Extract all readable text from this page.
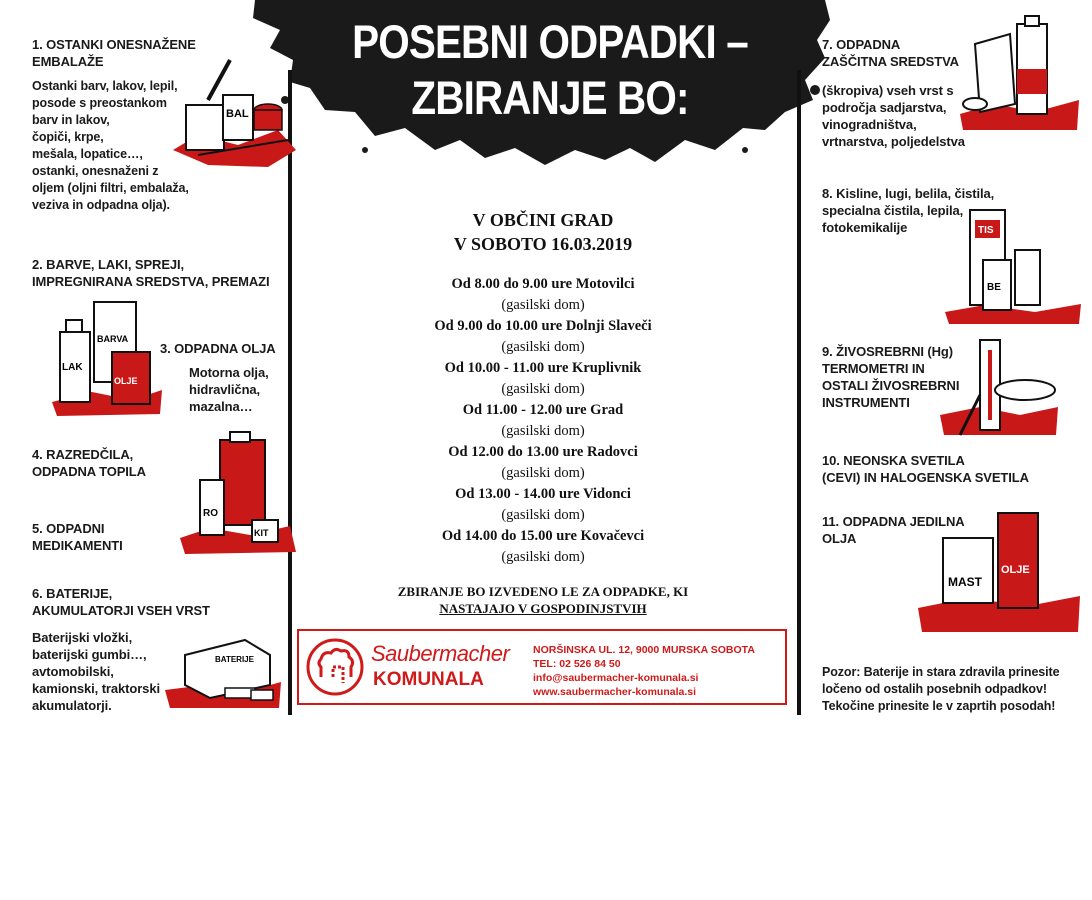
POSEBNI ODPADKI –
ZBIRANJE BO:
1. OSTANKI ONESNAŽENE
EMBALAŽE
Ostanki barv, lakov, lepil,
posode s preostankom
barv in lakov,
čopiči, krpe,
mešala, lopatice…,
ostanki, onesnaženi z
oljem (oljni filtri, embalaža,
veziva in odpadna olja).
BAL
2. BARVE, LAKI, SPREJI,
IMPREGNIRANA SREDSTVA, PREMAZI
LAK
BARVA
OLJE
3. ODPADNA OLJA
Motorna olja,
hidravlična,
mazalna…
4. RAZREDČILA,
ODPADNA TOPILA
RO
KIT
5. ODPADNI
MEDIKAMENTI
6. BATERIJE,
AKUMULATORJI VSEH VRST
Baterijski vložki,
baterijski gumbi…,
avtomobilski,
kamionski, traktorski
akumulatorji.
BATERIJE
V OBČINI GRAD
V SOBOTO 16.03.2019
Od 8.00 do 9.00 ure Motovilci
(gasilski dom)
Od 9.00 do 10.00 ure Dolnji Slaveči
(gasilski dom)
Od 10.00 - 11.00 ure Kruplivnik
(gasilski dom)
Od 11.00 - 12.00 ure Grad
(gasilski dom)
Od 12.00 do 13.00 ure Radovci
(gasilski dom)
Od 13.00 - 14.00 ure Vidonci
(gasilski dom)
Od 14.00 do 15.00 ure Kovačevci
(gasilski dom)
ZBIRANJE BO IZVEDENO LE ZA ODPADKE, KI
NASTAJAJO V GOSPODINJSTVIH
Saubermacher
KOMUNALA
NORŠINSKA UL. 12, 9000 MURSKA SOBOTA
TEL: 02 526 84 50
info@saubermacher-komunala.si
www.saubermacher-komunala.si
7. ODPADNA
ZAŠČITNA SREDSTVA
(škropiva) vseh vrst s
področja sadjarstva,
vinogradništva,
vrtnarstva, poljedelstva
8. Kisline, lugi, belila, čistila,
specialna čistila, lepila,
fotokemikalije	TIS
BE
9. ŽIVOSREBRNI (Hg)
TERMOMETRI IN
OSTALI ŽIVOSREBRNI
INSTRUMENTI
10. NEONSKA SVETILA
(CEVI) IN HALOGENSKA SVETILA
11. ODPADNA JEDILNA
OLJA
MAST
OLJE
Pozor: Baterije in stara zdravila prinesite
ločeno od ostalih posebnih odpadkov!
Tekočine prinesite le v zaprtih posodah!
